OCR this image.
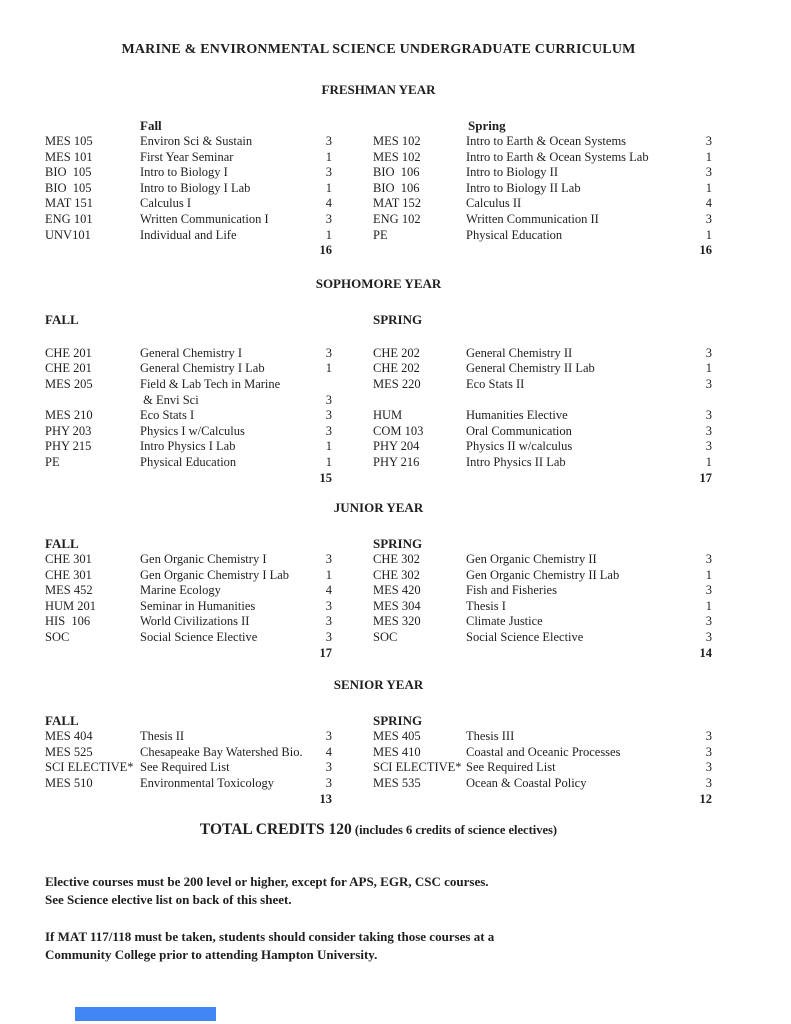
MARINE & ENVIRONMENTAL SCIENCE UNDERGRADUATE CURRICULUM
FRESHMAN YEAR
Fall
MES 105	Environ Sci & Sustain	3
MES 101	First Year Seminar	1
BIO  105	Intro to Biology I	3
BIO  105	Intro to Biology I Lab	1
MAT 151	Calculus I	4
ENG 101	Written Communication I	3
UNV101	Individual and Life	1
16
Spring
MES 102	Intro to Earth & Ocean Systems	3
MES 102	Intro to Earth & Ocean Systems Lab	1
BIO  106	Intro to Biology II	3
BIO  106	Intro to Biology II Lab	1
MAT 152	Calculus II	4
ENG 102	Written Communication II	3
PE	Physical Education	1
16
SOPHOMORE YEAR
FALL
CHE 201	General Chemistry I	3
CHE 201	General Chemistry I Lab	1
MES 205	Field & Lab Tech in Marine
& Envi Sci	3
MES 210	Eco Stats I	3
PHY 203	Physics I w/Calculus	3
PHY 215	Intro Physics I Lab	1
PE	Physical Education	1
15
SPRING
CHE 202	General Chemistry II	3
CHE 202	General Chemistry II Lab	1
MES 220	Eco Stats II	3
HUM	Humanities Elective	3
COM 103	Oral Communication	3
PHY 204	Physics II w/calculus	3
PHY 216	Intro Physics II Lab	1
17
JUNIOR YEAR
FALL
CHE 301	Gen Organic Chemistry I	3
CHE 301	Gen Organic Chemistry I Lab	1
MES 452	Marine Ecology	4
HUM 201	Seminar in Humanities	3
HIS  106	World Civilizations II	3
SOC	Social Science Elective	3
17
SPRING
CHE 302	Gen Organic Chemistry II	3
CHE 302	Gen Organic Chemistry II Lab	1
MES 420	Fish and Fisheries	3
MES 304	Thesis I	1
MES 320	Climate Justice	3
SOC	Social Science Elective	3
14
SENIOR YEAR
FALL
MES 404	Thesis II	3
MES 525	Chesapeake Bay Watershed Bio.	4
SCI ELECTIVE* See Required List	3
MES 510	Environmental Toxicology	3
13
SPRING
MES 405	Thesis III	3
MES 410	Coastal and Oceanic Processes	3
SCI ELECTIVE* See Required List	3
MES 535	Ocean & Coastal Policy	3
12
TOTAL CREDITS 120 (includes 6 credits of science electives)
Elective courses must be 200 level or higher, except for APS, EGR, CSC courses.
See Science elective list on back of this sheet.
If MAT 117/118 must be taken, students should consider taking those courses at a
Community College prior to attending Hampton University.
